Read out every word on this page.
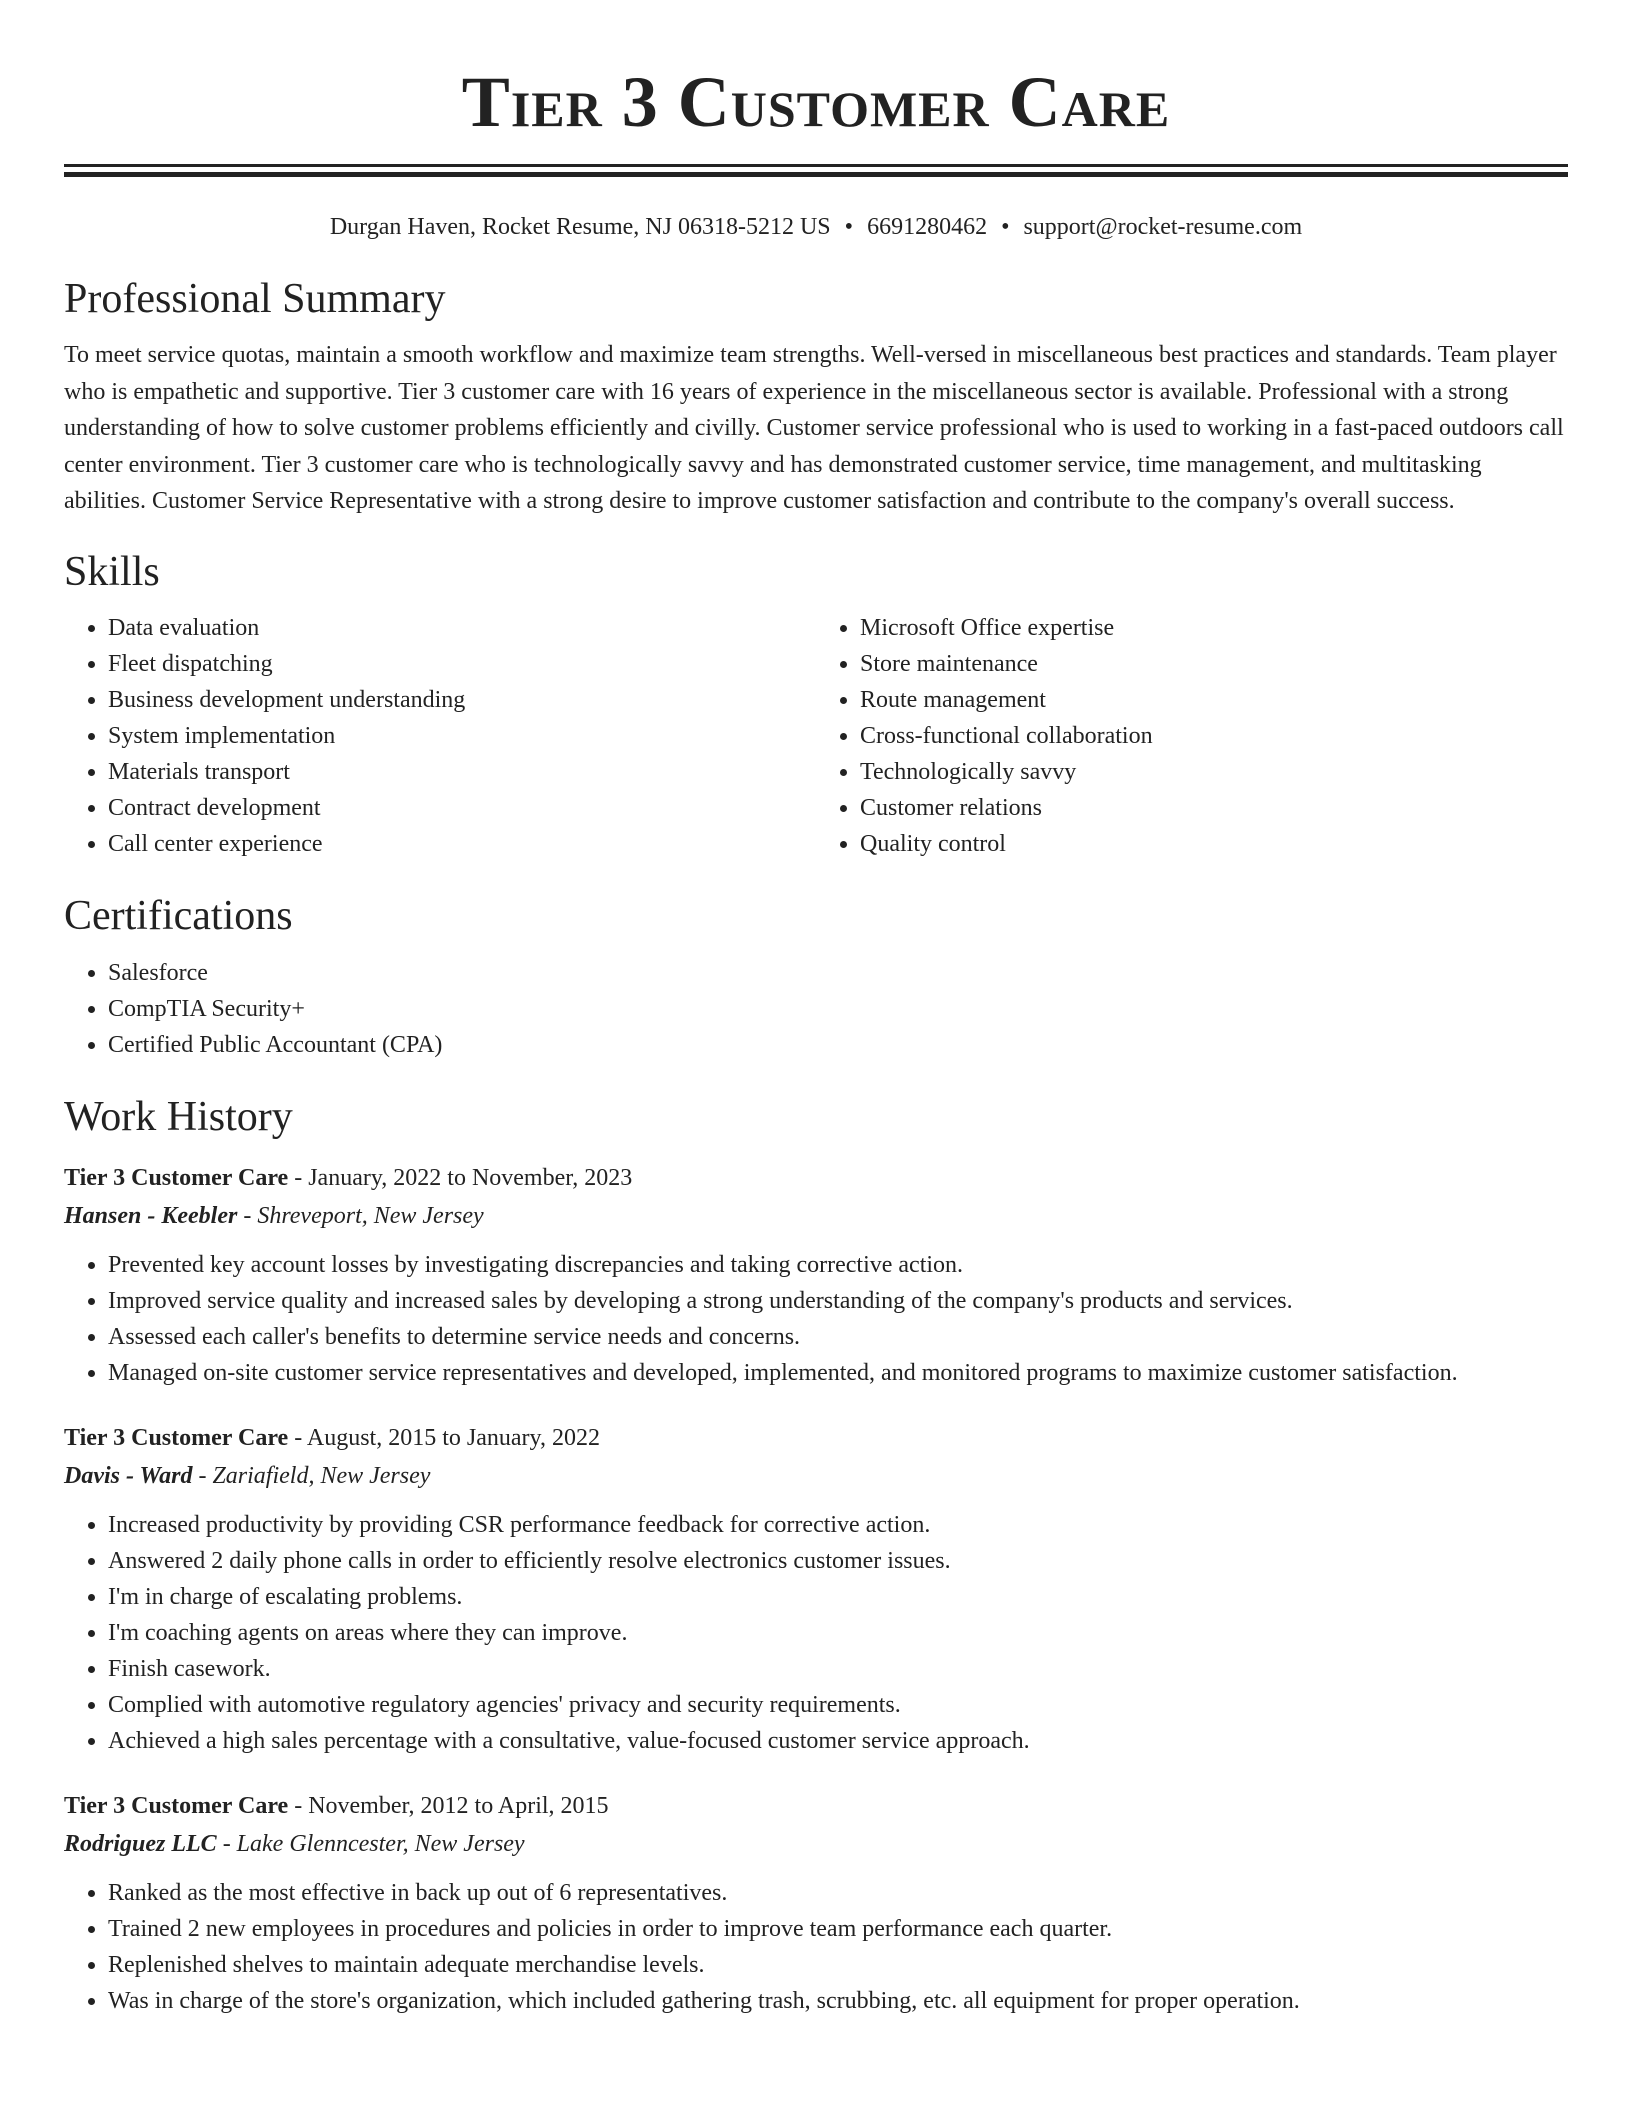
Tier 3 Customer Care
Durgan Haven, Rocket Resume, NJ 06318-5212 US • 6691280462 • support@rocket-resume.com
Professional Summary
To meet service quotas, maintain a smooth workflow and maximize team strengths. Well-versed in miscellaneous best practices and standards. Team player who is empathetic and supportive. Tier 3 customer care with 16 years of experience in the miscellaneous sector is available. Professional with a strong understanding of how to solve customer problems efficiently and civilly. Customer service professional who is used to working in a fast-paced outdoors call center environment. Tier 3 customer care who is technologically savvy and has demonstrated customer service, time management, and multitasking abilities. Customer Service Representative with a strong desire to improve customer satisfaction and contribute to the company's overall success.
Skills
• Data evaluation
• Fleet dispatching
• Business development understanding
• System implementation
• Materials transport
• Contract development
• Call center experience
• Microsoft Office expertise
• Store maintenance
• Route management
• Cross-functional collaboration
• Technologically savvy
• Customer relations
• Quality control
Certifications
• Salesforce
• CompTIA Security+
• Certified Public Accountant (CPA)
Work History
Tier 3 Customer Care - January, 2022 to November, 2023
Hansen - Keebler - Shreveport, New Jersey
• Prevented key account losses by investigating discrepancies and taking corrective action.
• Improved service quality and increased sales by developing a strong understanding of the company's products and services.
• Assessed each caller's benefits to determine service needs and concerns.
• Managed on-site customer service representatives and developed, implemented, and monitored programs to maximize customer satisfaction.
Tier 3 Customer Care - August, 2015 to January, 2022
Davis - Ward - Zariafield, New Jersey
• Increased productivity by providing CSR performance feedback for corrective action.
• Answered 2 daily phone calls in order to efficiently resolve electronics customer issues.
• I'm in charge of escalating problems.
• I'm coaching agents on areas where they can improve.
• Finish casework.
• Complied with automotive regulatory agencies' privacy and security requirements.
• Achieved a high sales percentage with a consultative, value-focused customer service approach.
Tier 3 Customer Care - November, 2012 to April, 2015
Rodriguez LLC - Lake Glenncester, New Jersey
• Ranked as the most effective in back up out of 6 representatives.
• Trained 2 new employees in procedures and policies in order to improve team performance each quarter.
• Replenished shelves to maintain adequate merchandise levels.
• Was in charge of the store's organization, which included gathering trash, scrubbing, etc. all equipment for proper operation.
